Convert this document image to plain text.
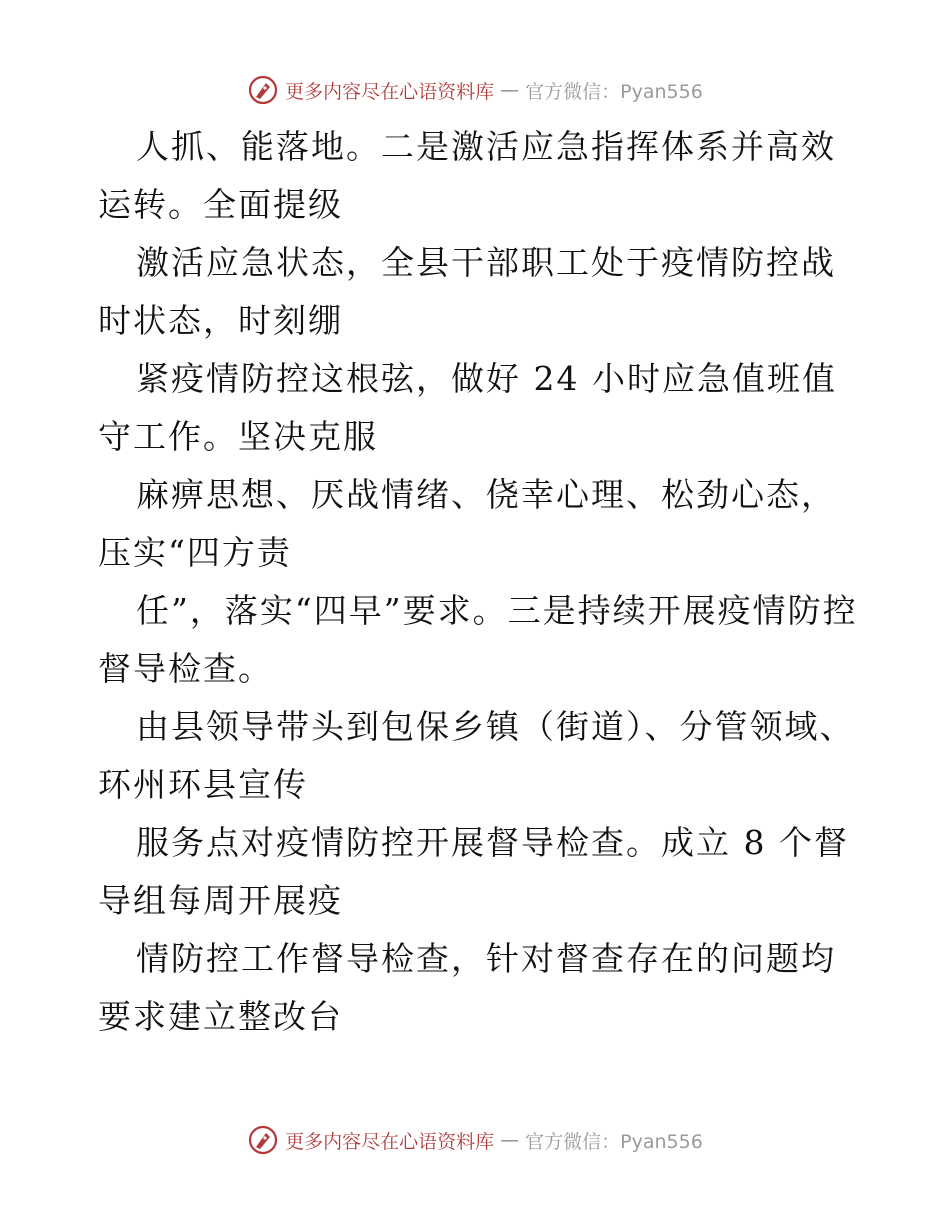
更多内容尽在心语资料库 — 官方微信：Pyan556

人抓、能落地。二是激活应急指挥体系并高效运转。全面提级

激活应急状态，全县干部职工处于疫情防控战时状态，时刻绷

紧疫情防控这根弦，做好 24 小时应急值班值守工作。坚决克服

麻痹思想、厌战情绪、侥幸心理、松劲心态，压实“四方责

任”，落实“四早”要求。三是持续开展疫情防控督导检查。

由县领导带头到包保乡镇（街道）、分管领域、环州环县宣传

服务点对疫情防控开展督导检查。成立 8 个督导组每周开展疫

情防控工作督导检查，针对督查存在的问题均要求建立整改台

更多内容尽在心语资料库 — 官方微信：Pyan556
